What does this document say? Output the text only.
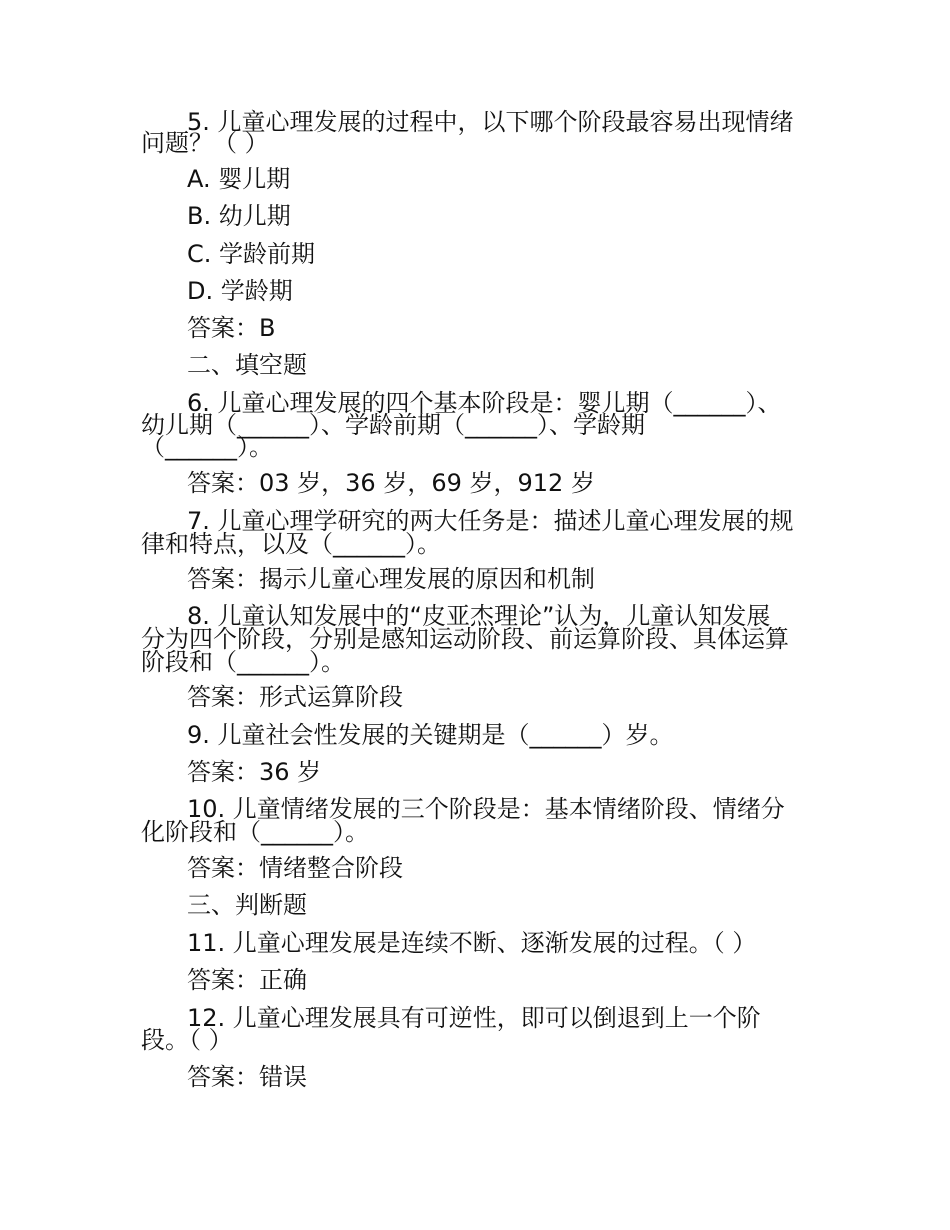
5. 儿童心理发展的过程中，以下哪个阶段最容易出现情绪
问题？（ ）
A. 婴儿期
B. 幼儿期
C. 学龄前期
D. 学龄期
答案：B
二、填空题
6. 儿童心理发展的四个基本阶段是：婴儿期（______）、
幼儿期（______）、学龄前期（______）、学龄期
（______）。
答案：03 岁，36 岁，69 岁，912 岁
7. 儿童心理学研究的两大任务是：描述儿童心理发展的规
律和特点，以及（______）。
答案：揭示儿童心理发展的原因和机制
8. 儿童认知发展中的“皮亚杰理论”认为，儿童认知发展
分为四个阶段，分别是感知运动阶段、前运算阶段、具体运算
阶段和（______）。
答案：形式运算阶段
9. 儿童社会性发展的关键期是（______）岁。
答案：36 岁
10. 儿童情绪发展的三个阶段是：基本情绪阶段、情绪分
化阶段和（______）。
答案：情绪整合阶段
三、判断题
11. 儿童心理发展是连续不断、逐渐发展的过程。（ ）
答案：正确
12. 儿童心理发展具有可逆性，即可以倒退到上一个阶
段。（ ）
答案：错误
